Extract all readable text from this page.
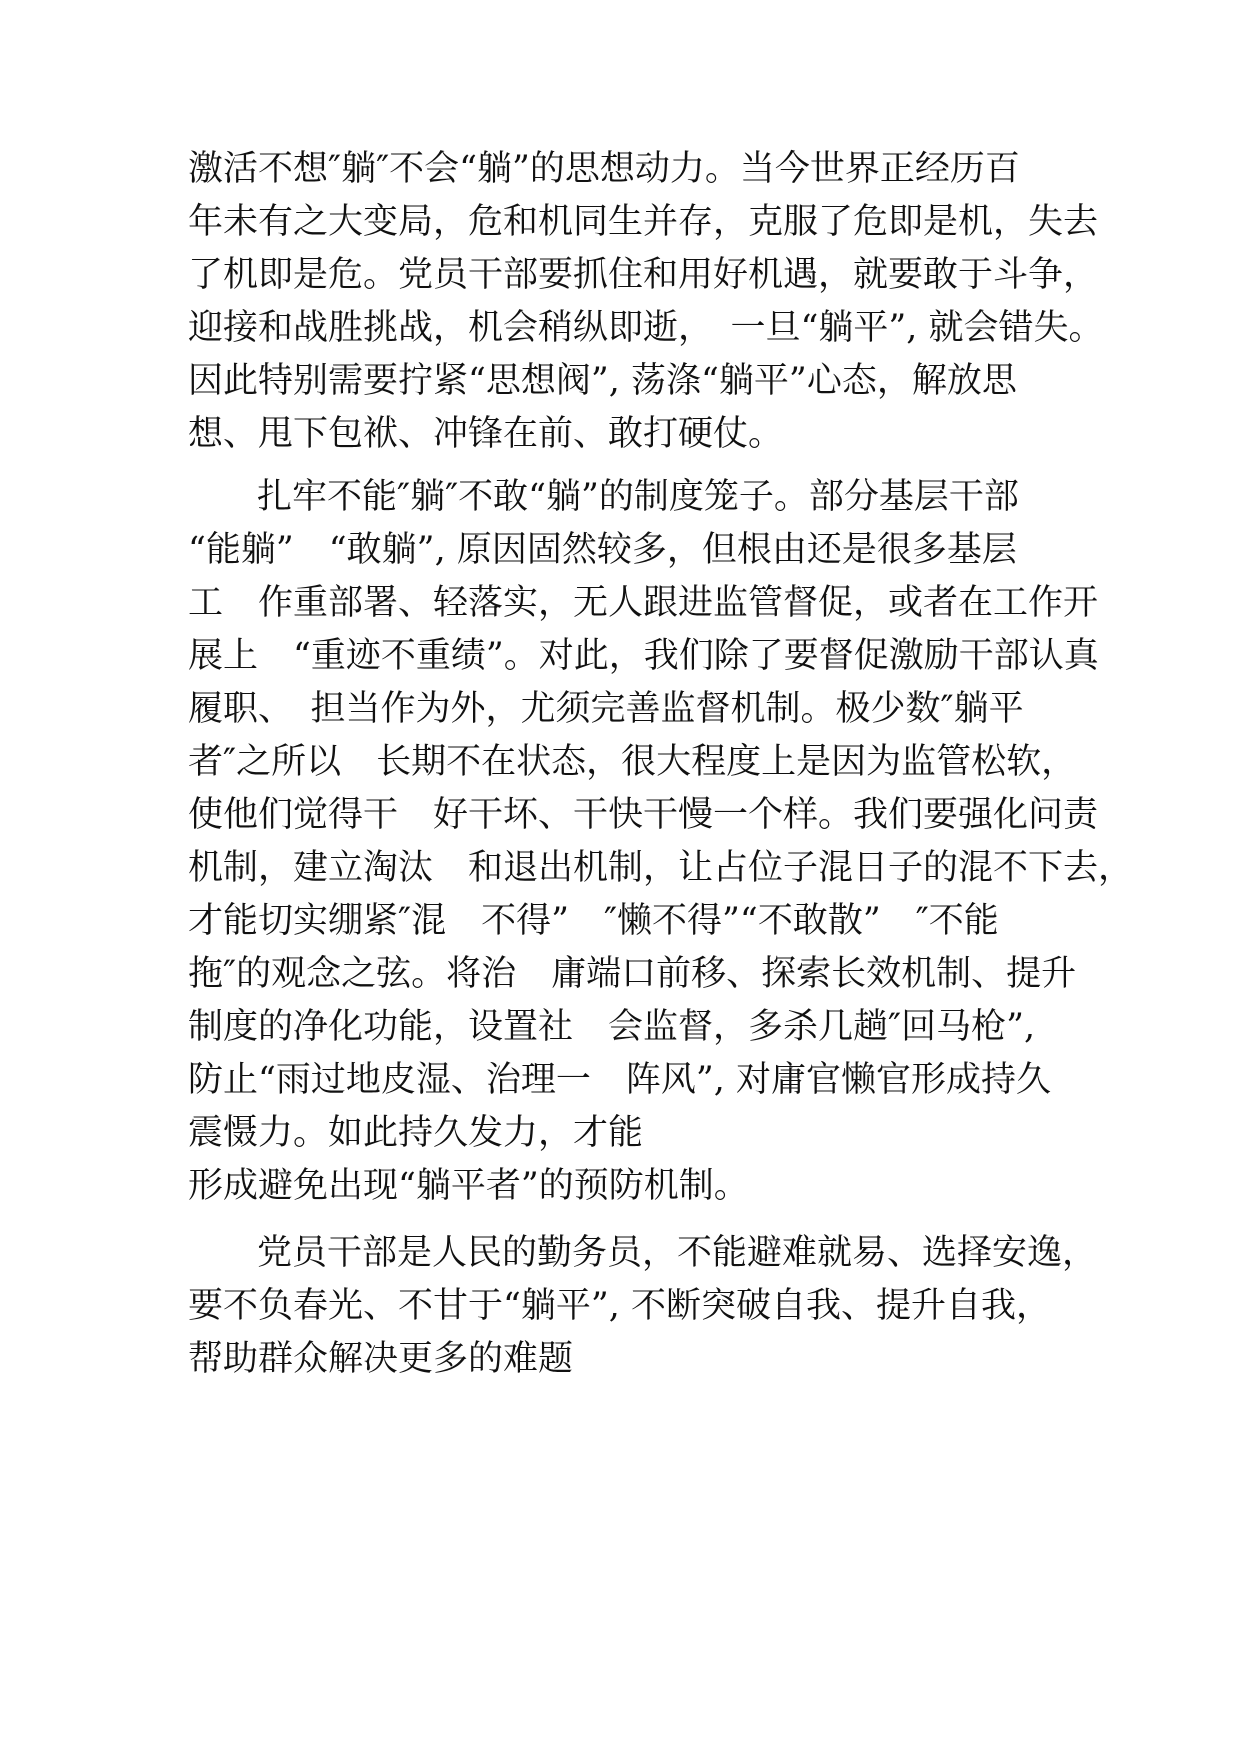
激活不想″躺″不会“躺”的思想动力。当今世界正经历百
年未有之大变局，危和机同生并存，克服了危即是机，失去
了机即是危。党员干部要抓住和用好机遇，就要敢于斗争，
迎接和战胜挑战，机会稍纵即逝，　一旦“躺平”, 就会错失。
因此特别需要拧紧“思想阀”, 荡涤“躺平”心态，解放思
想、甩下包袱、冲锋在前、敢打硬仗。
扎牢不能″躺″不敢“躺”的制度笼子。部分基层干部
“能躺”　“敢躺”, 原因固然较多，但根由还是很多基层
工　作重部署、轻落实，无人跟进监管督促，或者在工作开
展上　“重迹不重绩”。对此，我们除了要督促激励干部认真
履职、　担当作为外，尤须完善监督机制。极少数″躺平
者″之所以　长期不在状态，很大程度上是因为监管松软，
使他们觉得干　好干坏、干快干慢一个样。我们要强化问责
机制，建立淘汰　和退出机制，让占位子混日子的混不下去，
才能切实绷紧″混　不得”　″懒不得”“不敢散”　″不能
拖″的观念之弦。将治　庸端口前移、探索长效机制、提升
制度的净化功能，设置社　会监督，多杀几趟″回马枪”,
防止“雨过地皮湿、治理一　阵风”, 对庸官懒官形成持久
震慑力。如此持久发力，才能
形成避免出现“躺平者”的预防机制。
党员干部是人民的勤务员，不能避难就易、选择安逸，
要不负春光、不甘于“躺平”, 不断突破自我、提升自我，
帮助群众解决更多的难题
